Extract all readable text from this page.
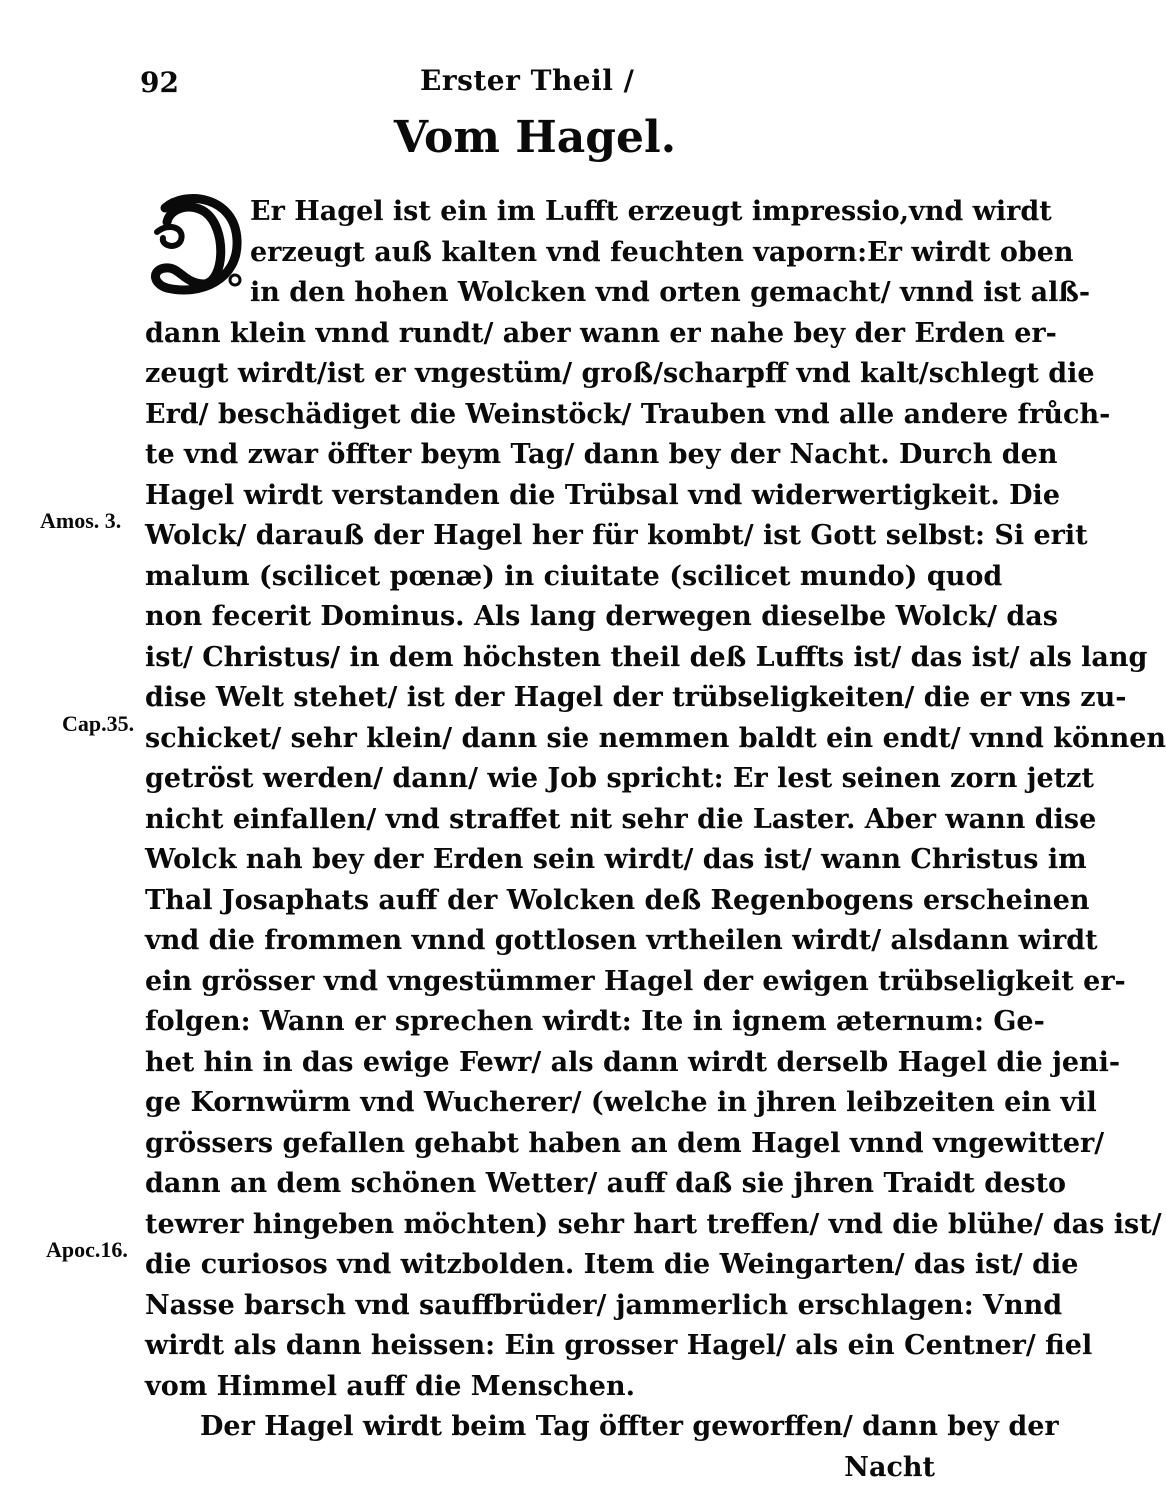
92	Erster Theil /
Vom Hagel.
Er Hagel ist ein im Lufft erzeugt impressio,vnd wirdt
erzeugt auß kalten vnd feuchten vaporn:Er wirdt oben
in den hohen Wolcken vnd orten gemacht/ vnnd ist alß-
dann klein vnnd rundt/ aber wann er nahe bey der Erden er-
zeugt wirdt/ist er vngestüm/ groß/scharpff vnd kalt/schlegt die
Erd/ beschädiget die Weinstöck/ Trauben vnd alle andere frůch-
te vnd zwar öffter beym Tag/ dann bey der Nacht. Durch den
Hagel wirdt verstanden die Trübsal vnd widerwertigkeit. Die
Wolck/ darauß der Hagel her für kombt/ ist Gott selbst: Si erit
malum (scilicet pœnæ) in ciuitate (scilicet mundo) quod
non fecerit Dominus. Als lang derwegen dieselbe Wolck/ das
ist/ Christus/ in dem höchsten theil deß Luffts ist/ das ist/ als lang
dise Welt stehet/ ist der Hagel der trübseligkeiten/ die er vns zu-
schicket/ sehr klein/ dann sie nemmen baldt ein endt/ vnnd können
getröst werden/ dann/ wie Job spricht: Er lest seinen zorn jetzt
nicht einfallen/ vnd straffet nit sehr die Laster. Aber wann dise
Wolck nah bey der Erden sein wirdt/ das ist/ wann Christus im
Thal Josaphats auff der Wolcken deß Regenbogens erscheinen
vnd die frommen vnnd gottlosen vrtheilen wirdt/ alsdann wirdt
ein grösser vnd vngestümmer Hagel der ewigen trübseligkeit er-
folgen: Wann er sprechen wirdt: Ite in ignem æternum: Ge-
het hin in das ewige Fewr/ als dann wirdt derselb Hagel die jeni-
ge Kornwürm vnd Wucherer/ (welche in jhren leibzeiten ein vil
grössers gefallen gehabt haben an dem Hagel vnnd vngewitter/
dann an dem schönen Wetter/ auff daß sie jhren Traidt desto
tewrer hingeben möchten) sehr hart treffen/ vnd die blühe/ das ist/
die curiosos vnd witzbolden. Item die Weingarten/ das ist/ die
Nasse barsch vnd sauffbrüder/ jammerlich erschlagen: Vnnd
wirdt als dann heissen: Ein grosser Hagel/ als ein Centner/ fiel
vom Himmel auff die Menschen.
Der Hagel wirdt beim Tag öffter geworffen/ dann bey der
Nacht
Amos. 3.
Cap.35.
Apoc.16.
